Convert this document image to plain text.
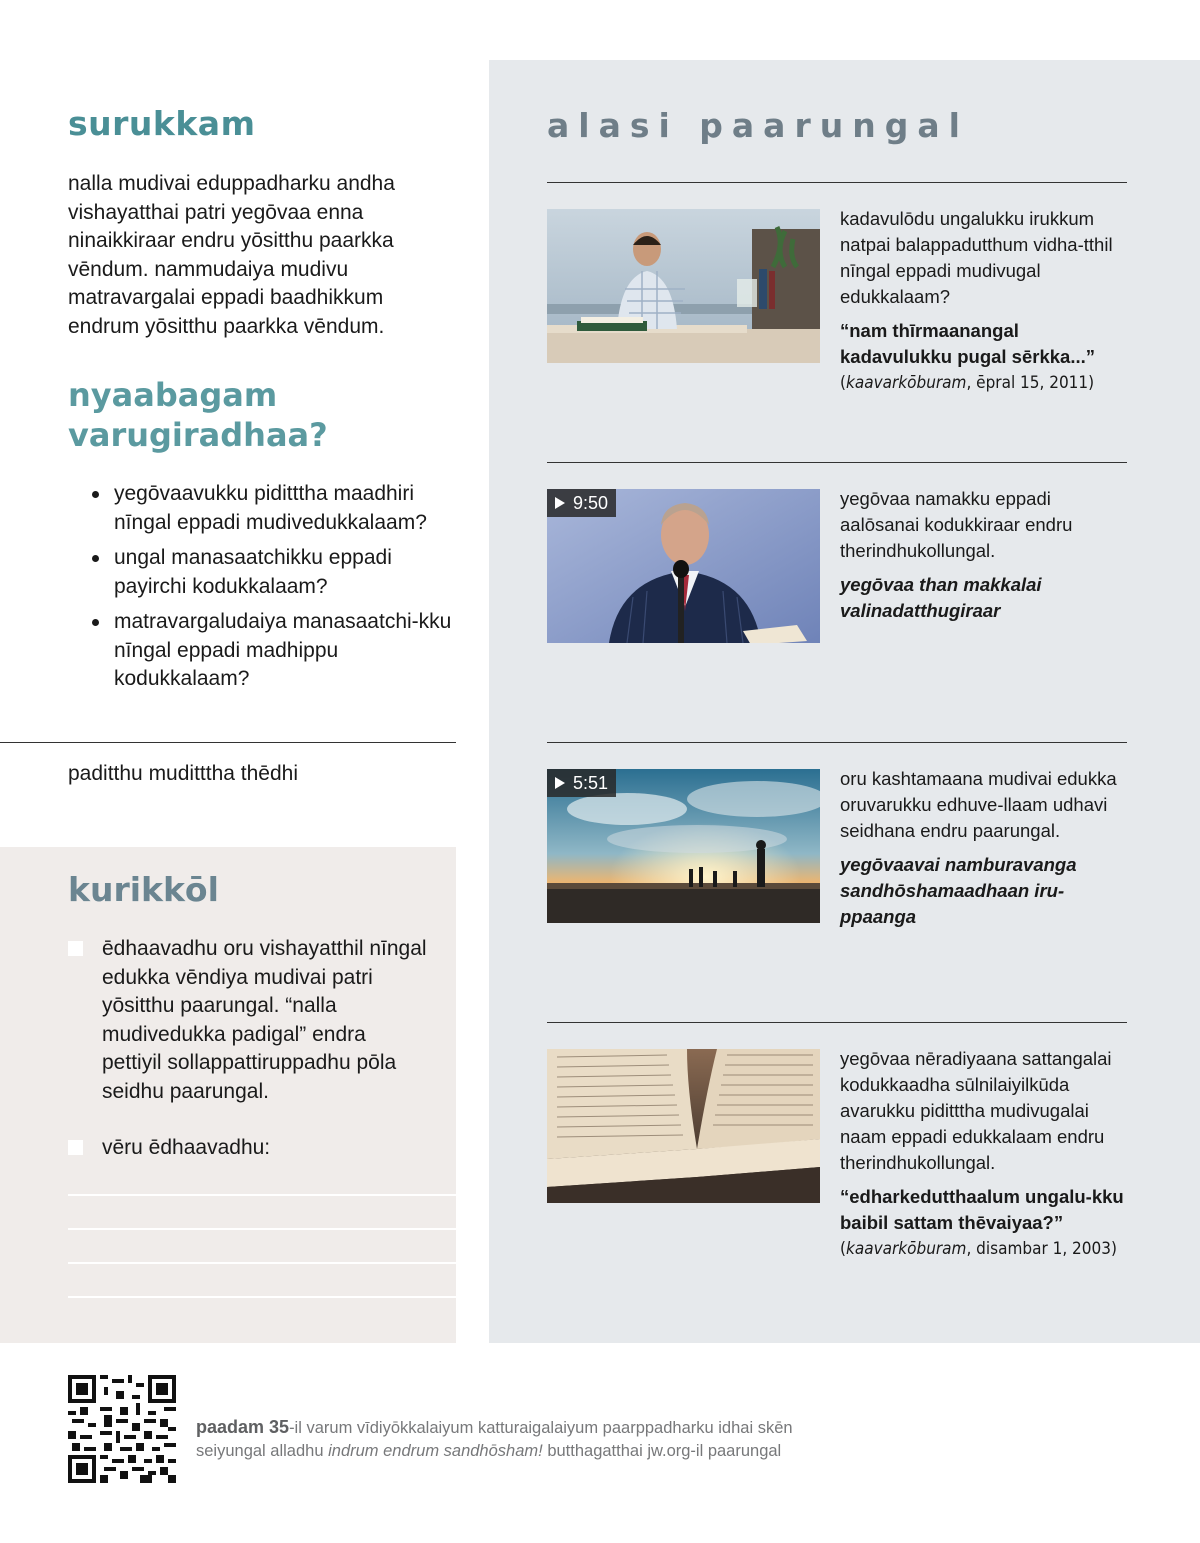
surukkam

nalla mudivai eduppadharku andha vishayatthai patri yegōvaa enna ninaikkiraar endru yōsitthu paarkka vēndum. nammudaiya mudivu matravargalai eppadi baadhikkum endrum yōsitthu paarkka vēndum.

nyaabagam varugiradhaa?
yegōvaavukku piditttha maadhiri nīngal eppadi mudivedukkalaam?
ungal manasaatchikku eppadi payirchi kodukkalaam?
matravargaludaiya manasaatchi-kku nīngal eppadi madhippu kodukkalaam?
paditthu muditttha thēdhi
kurikkōl
ēdhaavadhu oru vishayatthil nīngal edukka vēndiya mudivai patri yōsitthu paarungal. “nalla mudivedukka padigal” endra pettiyil sollappattiruppadhu pōla seidhu paarungal.
vēru ēdhaavadhu:
alasi paarungal
kadavulōdu ungalukku irukkum natpai balappadutthum vidha-tthil nīngal eppadi mudivugal edukkalaam?
“nam thīrmaanangal kadavulukku pugal sērkka...”
(kaavarkōburam, ēpral 15, 2011)
9:50	yegōvaa namakku eppadi aalōsanai kodukkiraar endru therindhukollungal.
yegōvaa than makkalai valinadatthugiraar
5:51	oru kashtamaana mudivai edukka oruvarukku edhuve-llaam udhavi seidhana endru paarungal.
yegōvaavai namburavanga sandhōshamaadhaan iru-ppaanga
yegōvaa nēradiyaana sattangalai kodukkaadha sūlnilaiyilkūda avarukku piditttha mudivugalai naam eppadi edukkalaam endru therindhukollungal.
“edharkedutthaalum ungalu-kku baibil sattam thēvaiyaa?”
(kaavarkōburam, disambar 1, 2003)

paadam 35-il varum vīdiyōkkalaiyum katturaigalaiyum paarppadharku idhai skēn seiyungal alladhu indrum endrum sandhōsham! butthagatthai jw.org-il paarungal
